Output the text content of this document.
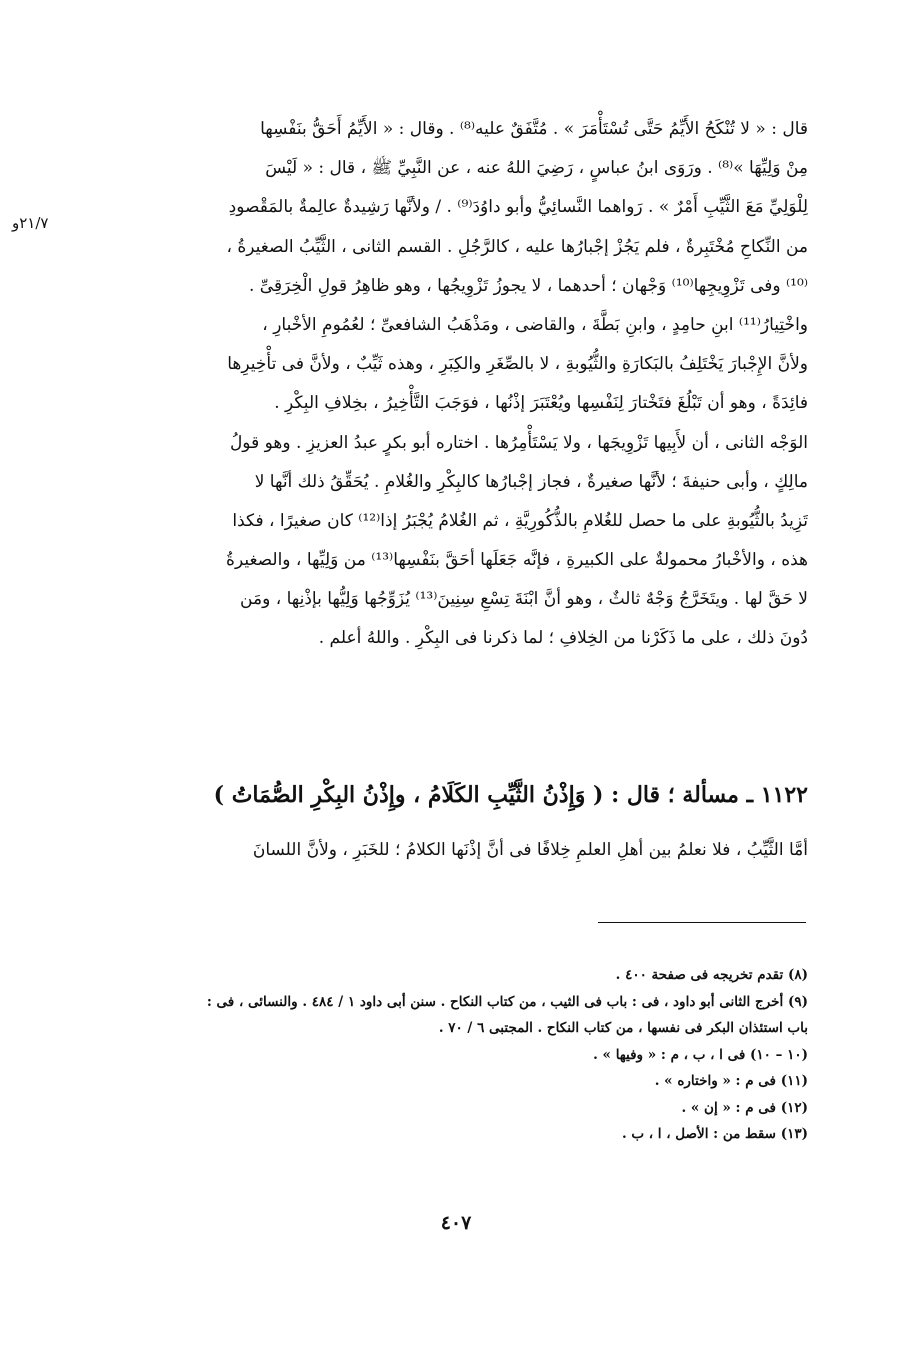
٢١/٧و
قال : « لا تُنْكَحُ الأَيِّمُ حَتَّى تُسْتَأْمَرَ » . مُتَّفَقٌ عليه⁽⁸⁾ . وقال : « الأَيِّمُ أَحَقُّ بنَفْسِها
مِنْ وَلِيِّهَا »⁽⁸⁾ . ورَوَى ابنُ عباسٍ ، رَضِيَ اللهُ عنه ، عن النَّبِيِّ ﷺ ، قال : « لَيْسَ
لِلْوَلِيِّ مَعَ الثَّيِّبِ أَمْرٌ » . رَواهما النَّسائِيُّ وأبو داوُدَ⁽⁹⁾ . / ولأنَّها رَشِيدةٌ عالِمةٌ بالمَقْصودِ
من النِّكاحِ مُخْتَبِرةٌ ، فلم يَجُزْ إجْبارُها عليه ، كالرَّجُلِ . القسم الثانى ، الثَّيِّبُ الصغيرةُ ،
⁽¹⁰⁾ وفى تَزْوِيجِها⁽¹⁰⁾ وَجْهان ؛ أحدهما ، لا يجوزُ تَزْوِيجُها ، وهو ظاهِرُ قولِ الْخِرَقِىِّ .
واخْتِيارُ⁽¹¹⁾ ابنِ حامِدٍ ، وابنِ بَطَّةَ ، والقاضى ، ومَذْهَبُ الشافعىِّ ؛ لعُمُومِ الأخْبارِ ،
ولأنَّ الإِجْبارَ يَخْتَلِفُ بالبَكارَةِ والثُّيُوبةِ ، لا بالصِّغَرِ والكِبَرِ ، وهذه ثَيِّبٌ ، ولأنَّ فى تأْخِيرِها
فائِدَةً ، وهو أن تَبْلُغَ فتَخْتارَ لِنَفْسِها ويُعْتَبَرَ إذْنُها ، فوَجَبَ التَّأْخِيرُ ، بخِلافِ البِكْرِ .
الوَجْه الثانى ، أن لأَبِيها تَزْوِيجَها ، ولا يَسْتَأْمِرُها . اختاره أبو بكرٍ عبدُ العزيزِ . وهو قولُ
مالِكٍ ، وأبى حنيفةَ ؛ لأنَّها صغيرةٌ ، فجاز إجْبارُها كالبِكْرِ والغُلامِ . يُحَقِّقُ ذلك أنَّها لا
تَزِيدُ بالثُّيُوبةِ على ما حصل للغُلامِ بالذُّكُورِيَّةِ ، ثم الغُلامُ يُجْبَرُ إذا⁽¹²⁾ كان صغيرًا ، فكذا
هذه ، والأخْبارُ محمولةٌ على الكبيرةِ ، فإنَّه جَعَلَها أحَقَّ بنَفْسِها⁽¹³⁾ من وَلِيِّها ، والصغيرةُ
لا حَقَّ لها . ويتَخَرَّجُ وَجْهٌ ثالثٌ ، وهو أنَّ ابْنَةَ تِسْعِ سِنِينَ⁽¹³⁾ يُزَوِّجُها وَلِيُّها بإذْنِها ، ومَن
دُونَ ذلك ، على ما ذَكَرْنا من الخِلافِ ؛ لما ذكرنا فى البِكْرِ . واللهُ أعلم .
١١٢٢ ـ مسألة ؛ قال : ( وَإِذْنُ الثَّيِّبِ الكَلَامُ ، وإِذْنُ البِكْرِ الصُّمَاتُ )
أمَّا الثَّيِّبُ ، فلا نعلمُ بين أهلِ العلمِ خِلافًا فى أنَّ إذْنَها الكلامُ ؛ للخَبَرِ ، ولأنَّ اللسانَ
(٨) تقدم تخريجه فى صفحة ٤٠٠ .
(٩) أخرج الثانى أبو داود ، فى : باب فى الثيب ، من كتاب النكاح . سنن أبى داود ١ / ٤٨٤ . والنسائى ، فى :
باب استئذان البكر فى نفسها ، من كتاب النكاح . المجتبى ٦ / ٧٠ .
(١٠ – ١٠) فى ا ، ب ، م : « وفيها » .
(١١) فى م : « واختاره » .
(١٢) فى م : « إن » .
(١٣) سقط من : الأصل ، ا ، ب .
٤٠٧
